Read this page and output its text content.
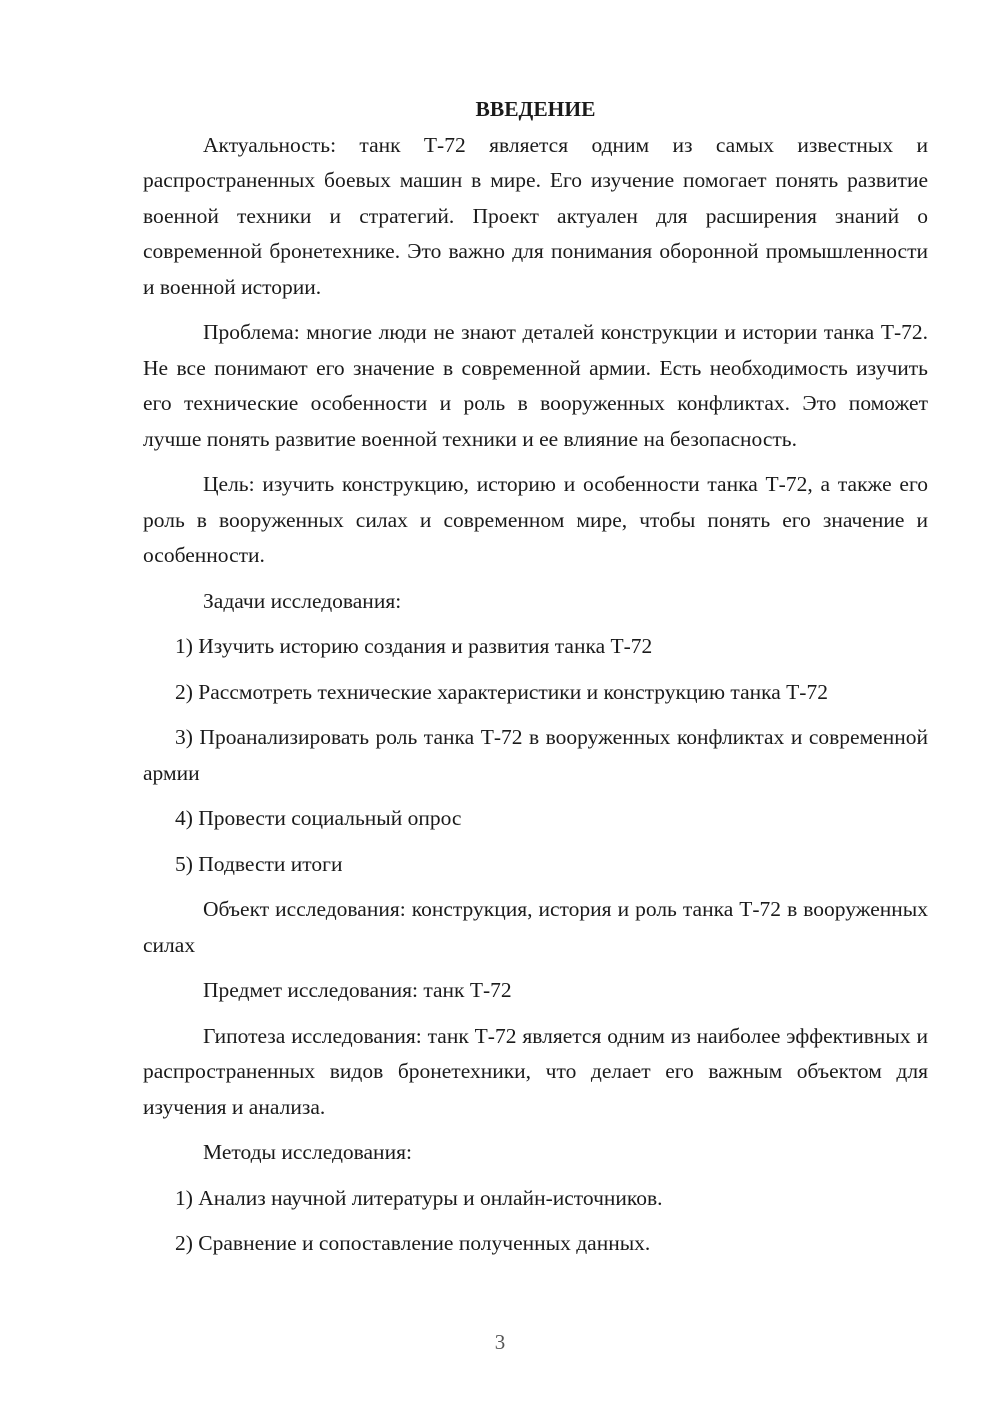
ВВЕДЕНИЕ

Актуальность: танк Т-72 является одним из самых известных и распространенных боевых машин в мире. Его изучение помогает понять развитие военной техники и стратегий. Проект актуален для расширения знаний о современной бронетехнике. Это важно для понимания оборонной промышленности и военной истории.

Проблема: многие люди не знают деталей конструкции и истории танка Т-72. Не все понимают его значение в современной армии. Есть необходимость изучить его технические особенности и роль в вооруженных конфликтах. Это поможет лучше понять развитие военной техники и ее влияние на безопасность.

Цель: изучить конструкцию, историю и особенности танка Т-72, а также его роль в вооруженных силах и современном мире, чтобы понять его значение и особенности.

Задачи исследования:

1) Изучить историю создания и развития танка Т-72

2) Рассмотреть технические характеристики и конструкцию танка Т-72

3) Проанализировать роль танка Т-72 в вооруженных конфликтах и современной армии

4) Провести социальный опрос

5) Подвести итоги

Объект исследования: конструкция, история и роль танка Т-72 в вооруженных силах

Предмет исследования: танк Т-72

Гипотеза исследования: танк Т-72 является одним из наиболее эффективных и распространенных видов бронетехники, что делает его важным объектом для изучения и анализа.

Методы исследования:

1) Анализ научной литературы и онлайн-источников.

2) Сравнение и сопоставление полученных данных.

3
